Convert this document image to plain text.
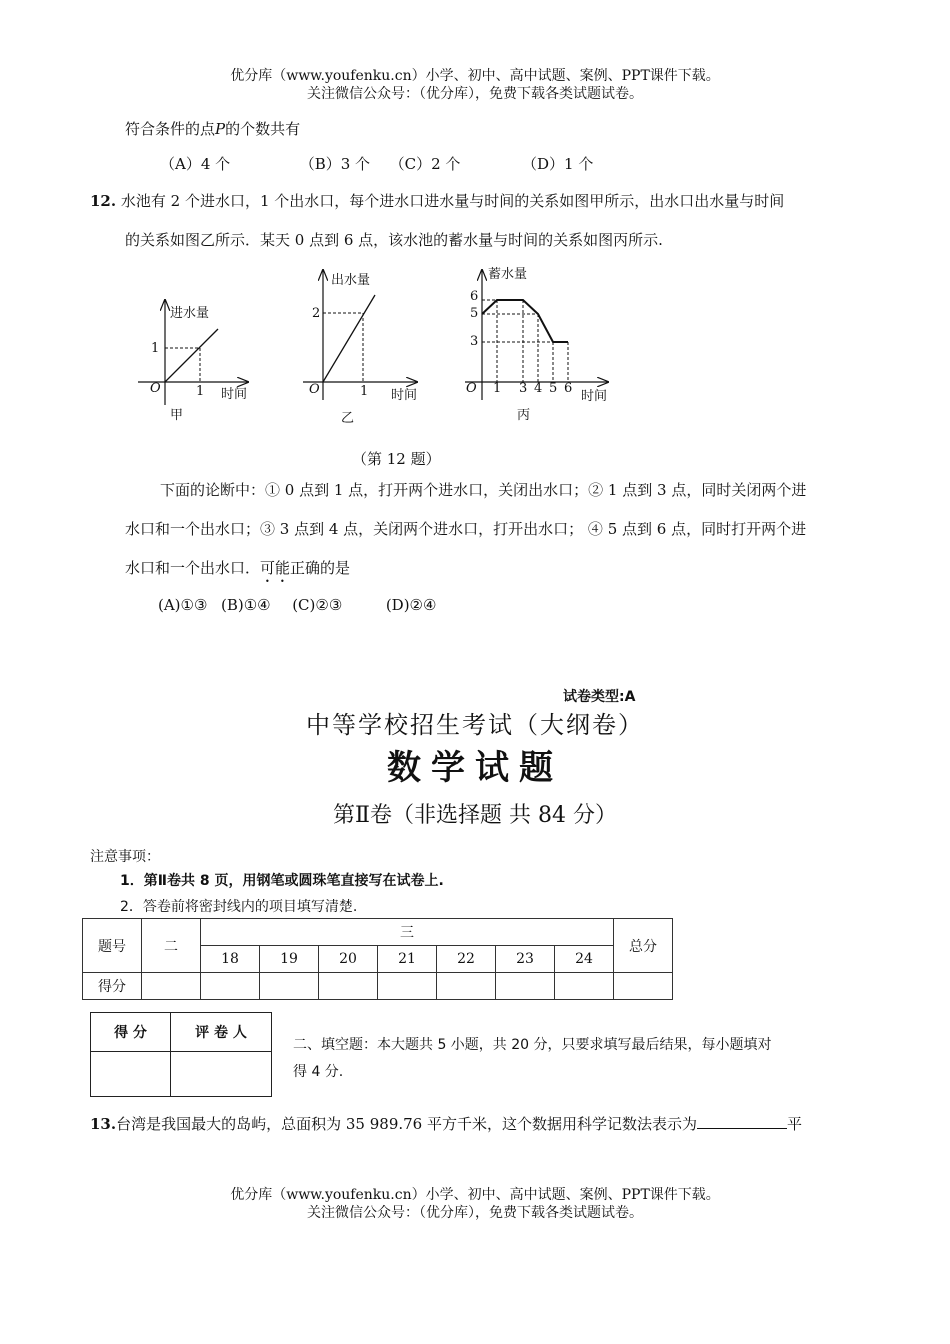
优分库（www.youfenku.cn）小学、初中、高中试题、案例、PPT课件下载。
关注微信公众号：（优分库），免费下载各类试题试卷。
符合条件的点P的个数共有
（A）4 个	（B）3 个 （C）2 个	（D）1 个
12. 水池有 2 个进水口，1 个出水口，每个进水口进水量与时间的关系如图甲所示，出水口出水量与时间
的关系如图乙所示．某天 0 点到 6 点，该水池的蓄水量与时间的关系如图丙所示.
进水量
时间
O	1
1
甲
出水量
时间
O	1
2
乙
蓄水量
时间
O 1 3 4 5 6
6
5
3
丙
（第 12 题）
下面的论断中：① 0 点到 1 点，打开两个进水口，关闭出水口；② 1 点到 3 点，同时关闭两个进
水口和一个出水口；③ 3 点到 4 点，关闭两个进水口，打开出水口； ④ 5 点到 6 点，同时打开两个进
水口和一个出水口．可能正确的是
(A)①③ (B)①④ (C)②③	(D)②④
试卷类型:A
中等学校招生考试（大纲卷）
数学试题
第Ⅱ卷（非选择题 共 84 分）
注意事项：
1．第Ⅱ卷共 8 页，用钢笔或圆珠笔直接写在试卷上.
2．答卷前将密封线内的项目填写清楚.
题号	二	三							总分
		18	19	20	21	22	23	24	
得分									
得 分	评 卷 人

二、填空题：本大题共 5 小题，共 20 分，只要求填写最后结果，每小题填对
得 4 分.
13.台湾是我国最大的岛屿，总面积为 35 989.76 平方千米，这个数据用科学记数法表示为	平
优分库（www.youfenku.cn）小学、初中、高中试题、案例、PPT课件下载。
关注微信公众号：（优分库），免费下载各类试题试卷。
